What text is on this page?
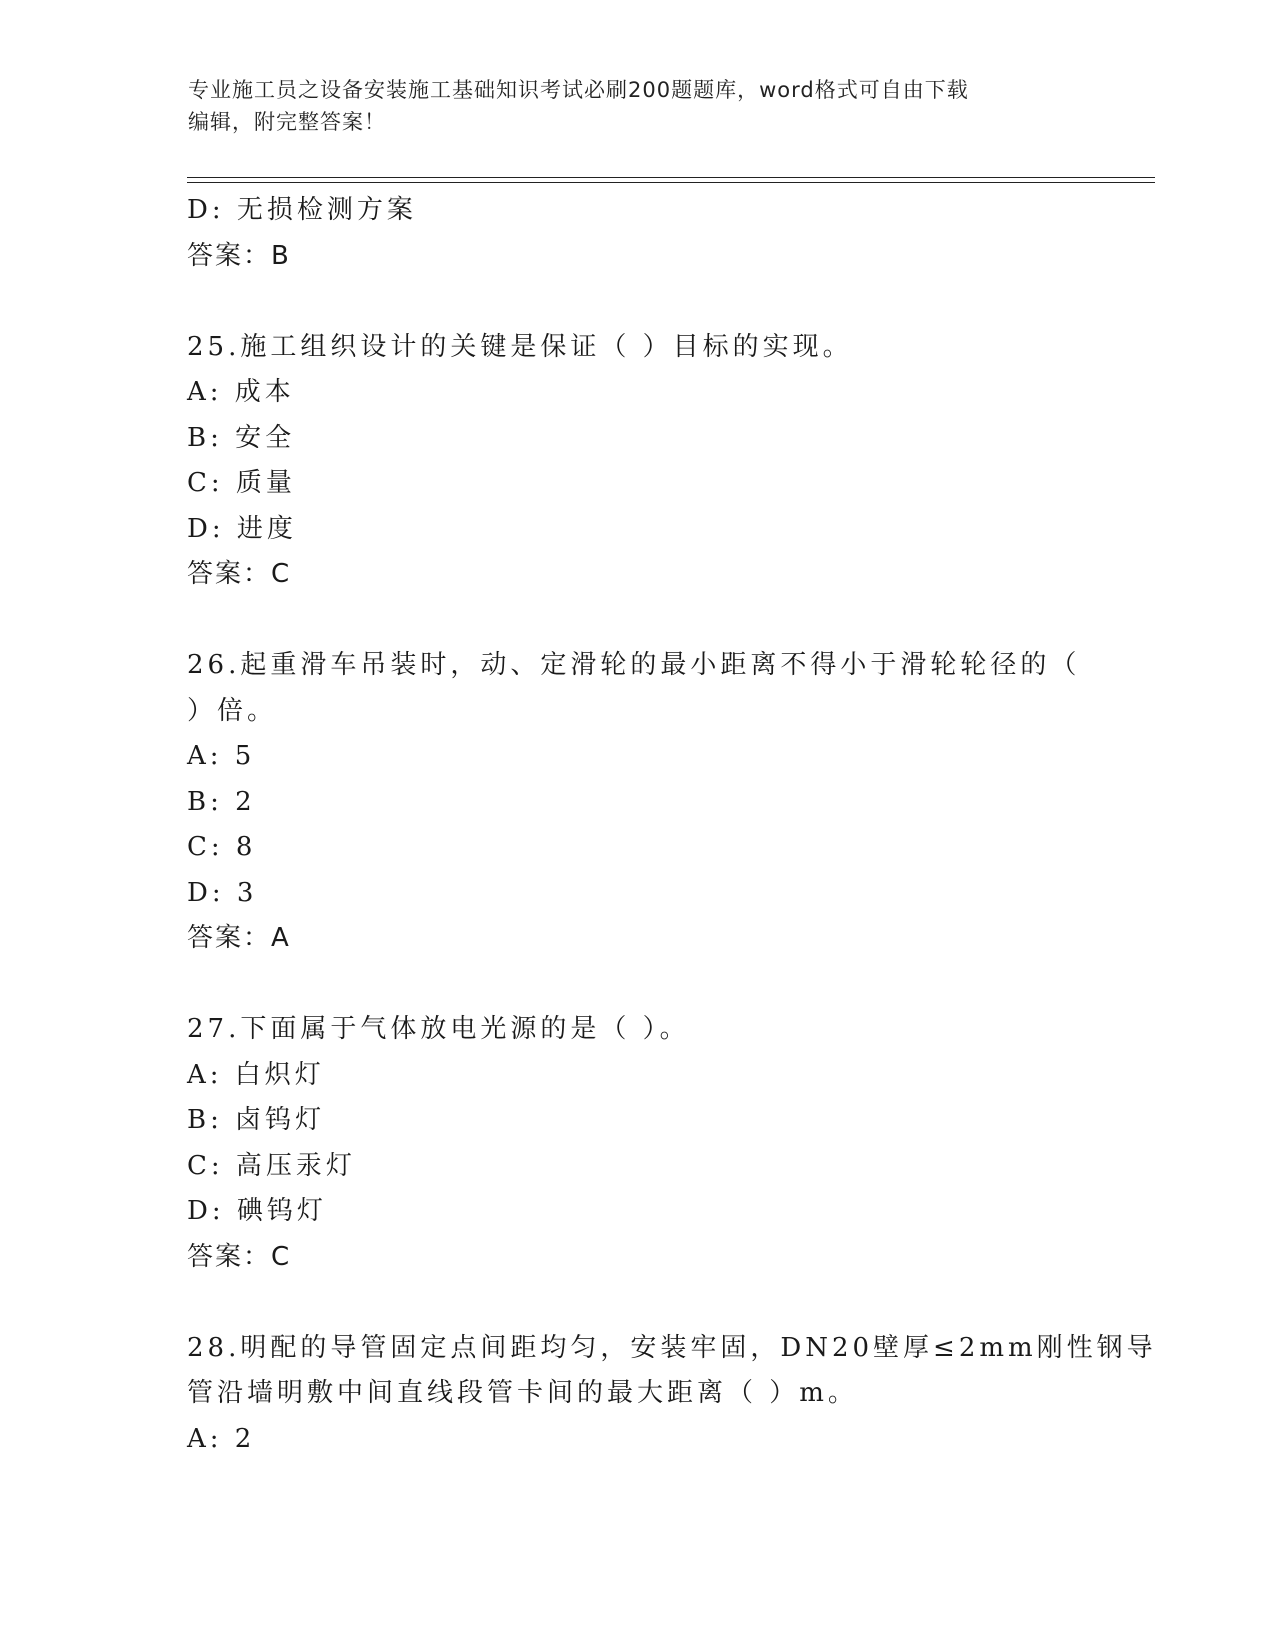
专业施工员之设备安装施工基础知识考试必刷200题题库，word格式可自由下载
编辑，附完整答案！
D: 无损检测方案
答案：B
25.施工组织设计的关键是保证（ ）目标的实现。
A: 成本
B: 安全
C: 质量
D: 进度
答案：C
26.起重滑车吊装时，动、定滑轮的最小距离不得小于滑轮轮径的（
）倍。
A: 5
B: 2
C: 8
D: 3
答案：A
27.下面属于气体放电光源的是（ ）。
A: 白炽灯
B: 卤钨灯
C: 高压汞灯
D: 碘钨灯
答案：C
28.明配的导管固定点间距均匀，安装牢固，DN20壁厚≤2mm刚性钢导
管沿墙明敷中间直线段管卡间的最大距离（ ）m。
A: 2
